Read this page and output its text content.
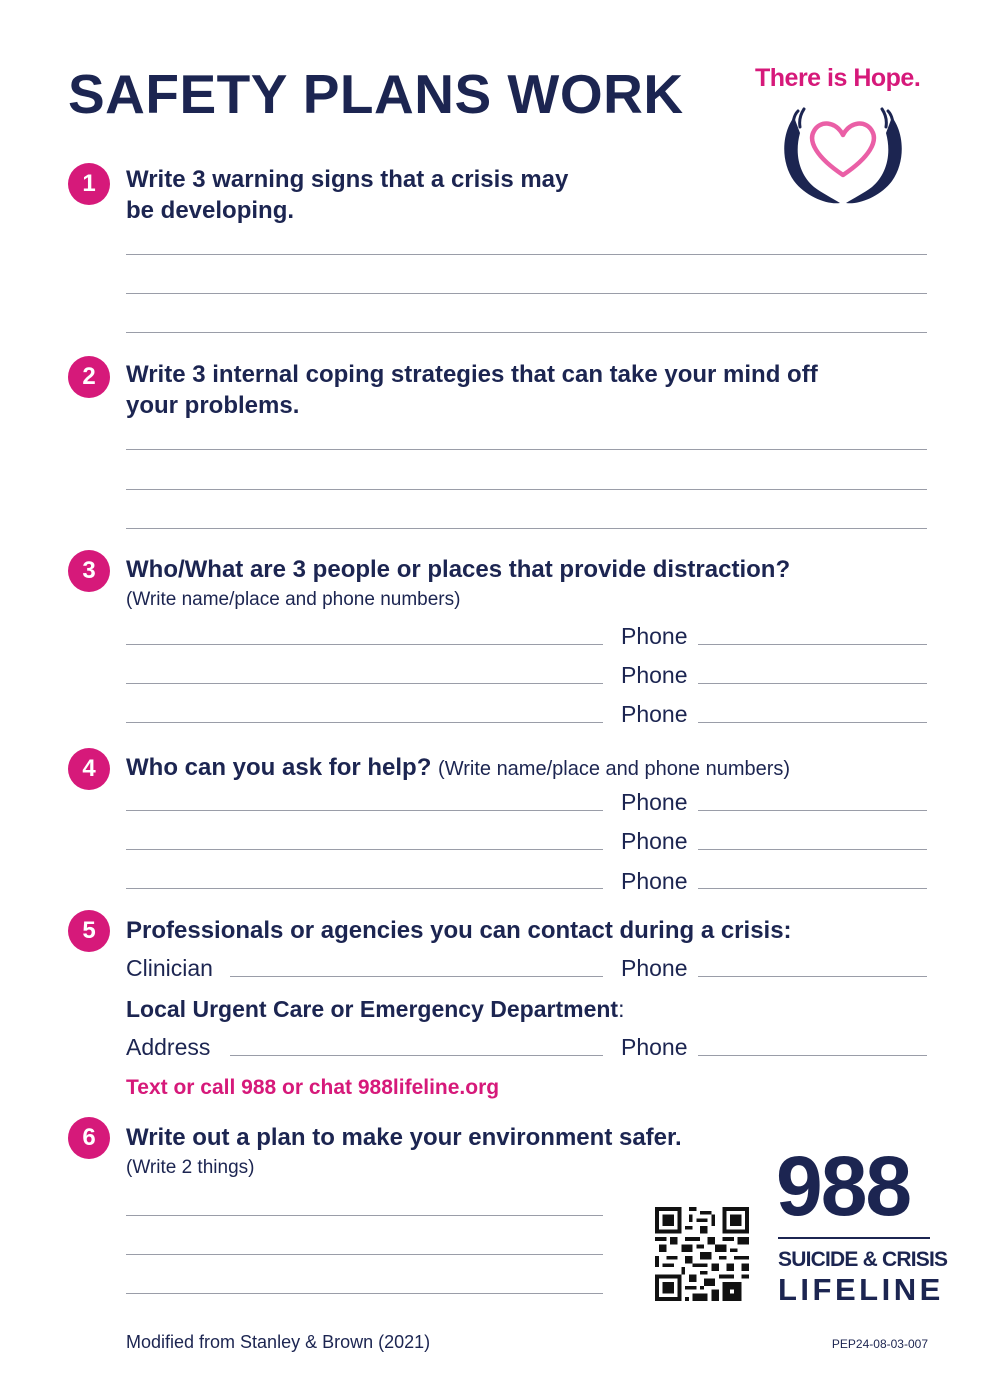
SAFETY PLANS WORK	There is Hope.
1	Write 3 warning signs that a crisis may
be developing.
2	Write 3 internal coping strategies that can take your mind off
your problems.
3	Who/What are 3 people or places that provide distraction?
(Write name/place and phone numbers)
Phone
Phone
Phone
4	Who can you ask for help? (Write name/place and phone numbers)
Phone
Phone
Phone
5	Professionals or agencies you can contact during a crisis:
Clinician	Phone
Local Urgent Care or Emergency Department:
Address	Phone
Text or call 988 or chat 988lifeline.org
6	Write out a plan to make your environment safer.
(Write 2 things)	988
SUICIDE & CRISIS
LIFELINE
Modified from Stanley & Brown (2021)	PEP24-08-03-007
